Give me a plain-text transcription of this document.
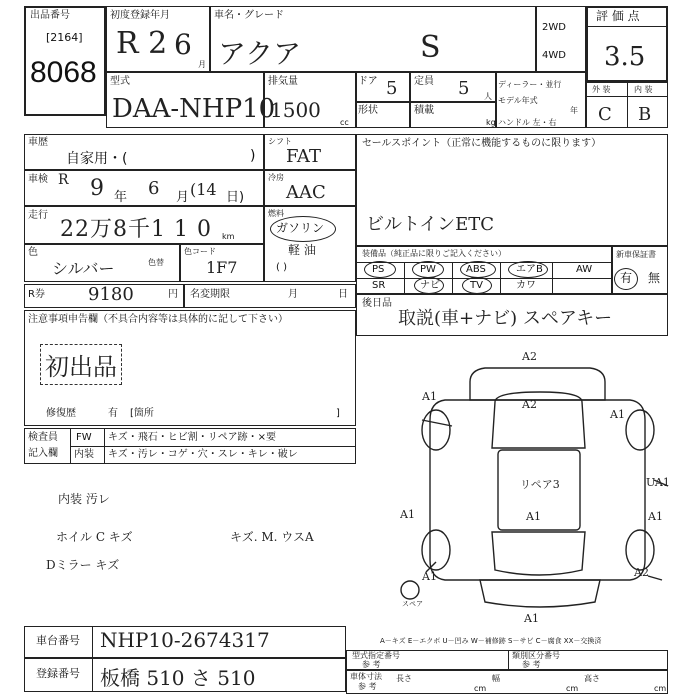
出品番号
[2164]
8068
初度登録年月
R 2 6
月
車名・グレード
アクア	S
2WD
4WD
評 価 点
3.5
型式
DAA-NHP10
排気量
1500
cc
ドア 5 定員 5 人
形状	積載
kg
ディーラー・並行
モデル年式
年
ハンドル 左・右
外 装	内 装
C B
車歴
自家用・(	)
シフト
FAT
車検 R 9 年 6 月 (14 日)
冷房
AAC
走行
22万8千1 1 0 km
燃料
ガソリン
軽 油
( )
色
シルバー	色替
色コード
1F7
R券 9180	円 名変期限	月	日
セールスポイント（正常に機能するものに限ります）
ビルトインETC
装備品（純正品に限りご記入ください）
PS	PW	ABS	エアB	AW
SR	ナビ	TV	カワ
新車保証書
有 無
後日品
取説(車+ナビ) スペアキー
注意事項申告欄（不具合内容等は具体的に記して下さい）
初出品
修復歴	有 [箇所	]
検査員
記入欄
FW キズ・飛石・ヒビ割・リペア跡・×要
内装 キズ・汚レ・コゲ・穴・スレ・キレ・破レ
内装 汚レ
ホイル C キズ
Dミラー キズ
キズ. M. ウスA
A2
A2
A1
A1
リペア3
A1
A1
UA1
A1
A1	A2
A1
スペア
車台番号 NHP10-2674317
登録番号 板橋 510 さ 510
A－キズ E－エクボ U－凹み W－補修跡 S－サビ C－腐食 XX－交換済
型式指定番号
参 考
類別区分番号
参 考
車体寸法
参 考
長さ
cm
幅
cm
高さ
cm
